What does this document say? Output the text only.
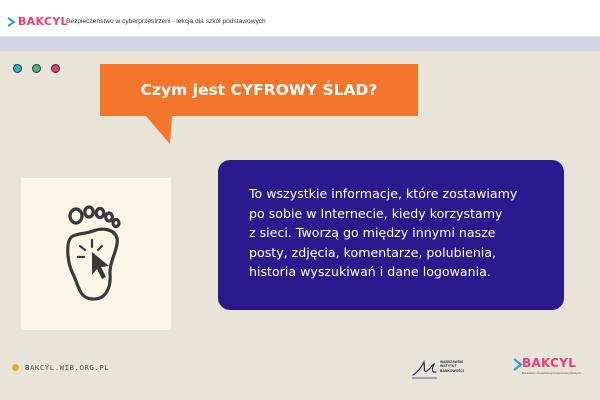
BAKCYL
Bezpieczeństwo w cyberprzestrzeni - lekcja dla szkół podstawowych
Czym jest CYFROWY ŚLAD?

To wszystkie informacje, które zostawiamy

po sobie w Internecie, kiedy korzystamy

z sieci. Tworzą go między innymi nasze

posty, zdjęcia, komentarze, polubienia,

historia wyszukiwań i dane logowania.

BAKCYL.WIB.ORG.PL
WARSZAWSKI INSTYTUT BANKOWOŚCI
BAKCYL
Bankowcy dla Edukacji Finansowej Młodych
